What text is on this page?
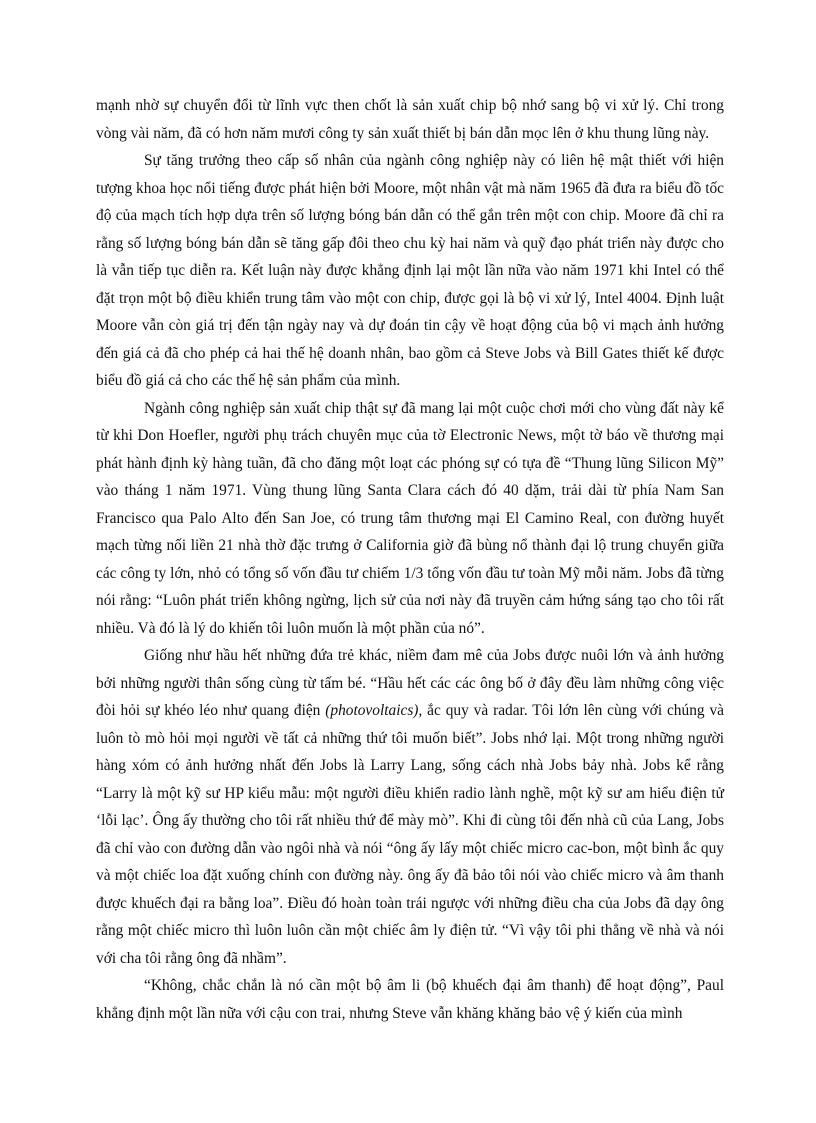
mạnh nhờ sự chuyển đổi từ lĩnh vực then chốt là sản xuất chip bộ nhớ sang bộ vi xử lý. Chỉ trong vòng vài năm, đã có hơn năm mươi công ty sản xuất thiết bị bán dẫn mọc lên ở khu thung lũng này.

Sự tăng trưởng theo cấp số nhân của ngành công nghiệp này có liên hệ mật thiết với hiện tượng khoa học nổi tiếng được phát hiện bởi Moore, một nhân vật mà năm 1965 đã đưa ra biểu đồ tốc độ của mạch tích hợp dựa trên số lượng bóng bán dẫn có thể gắn trên một con chip. Moore đã chỉ ra rằng số lượng bóng bán dẫn sẽ tăng gấp đôi theo chu kỳ hai năm và quỹ đạo phát triển này được cho là vẫn tiếp tục diễn ra. Kết luận này được khẳng định lại một lần nữa vào năm 1971 khi Intel có thể đặt trọn một bộ điều khiển trung tâm vào một con chip, được gọi là bộ vi xử lý, Intel 4004. Định luật Moore vẫn còn giá trị đến tận ngày nay và dự đoán tin cậy về hoạt động của bộ vi mạch ảnh hưởng đến giá cả đã cho phép cả hai thế hệ doanh nhân, bao gồm cả Steve Jobs và Bill Gates thiết kế được biểu đồ giá cả cho các thế hệ sản phẩm của mình.

Ngành công nghiệp sản xuất chip thật sự đã mang lại một cuộc chơi mới cho vùng đất này kể từ khi Don Hoefler, người phụ trách chuyên mục của tờ Electronic News, một tờ báo về thương mại phát hành định kỳ hàng tuần, đã cho đăng một loạt các phóng sự có tựa đề “Thung lũng Silicon Mỹ” vào tháng 1 năm 1971. Vùng thung lũng Santa Clara cách đó 40 dặm, trải dài từ phía Nam San Francisco qua Palo Alto đến San Joe, có trung tâm thương mại El Camino Real, con đường huyết mạch từng nối liền 21 nhà thờ đặc trưng ở California giờ đã bùng nổ thành đại lộ trung chuyển giữa các công ty lớn, nhỏ có tổng số vốn đầu tư chiếm 1/3 tổng vốn đầu tư toàn Mỹ mỗi năm. Jobs đã từng nói rằng: “Luôn phát triển không ngừng, lịch sử của nơi này đã truyền cảm hứng sáng tạo cho tôi rất nhiều. Và đó là lý do khiến tôi luôn muốn là một phần của nó”.

Giống như hầu hết những đứa trẻ khác, niềm đam mê của Jobs được nuôi lớn và ảnh hưởng bởi những người thân sống cùng từ tấm bé. “Hầu hết các các ông bố ở đây đều làm những công việc đòi hỏi sự khéo léo như quang điện (photovoltaics), ắc quy và radar. Tôi lớn lên cùng với chúng và luôn tò mò hỏi mọi người về tất cả những thứ tôi muốn biết”. Jobs nhớ lại. Một trong những người hàng xóm có ảnh hưởng nhất đến Jobs là Larry Lang, sống cách nhà Jobs bảy nhà. Jobs kể rằng “Larry là một kỹ sư HP kiểu mẫu: một người điều khiển radio lành nghề, một kỹ sư am hiểu điện tử ‘lỗi lạc’. Ông ấy thường cho tôi rất nhiều thứ để mày mò”. Khi đi cùng tôi đến nhà cũ của Lang, Jobs đã chỉ vào con đường dẫn vào ngôi nhà và nói “ông ấy lấy một chiếc micro cac-bon, một bình ắc quy và một chiếc loa đặt xuống chính con đường này. ông ấy đã bảo tôi nói vào chiếc micro và âm thanh được khuếch đại ra bằng loa”. Điều đó hoàn toàn trái ngược với những điều cha của Jobs đã dạy ông rằng một chiếc micro thì luôn luôn cần một chiếc âm ly điện tử. “Vì vậy tôi phi thẳng về nhà và nói với cha tôi rằng ông đã nhầm”.

“Không, chắc chắn là nó cần một bộ âm li (bộ khuếch đại âm thanh) để hoạt động”, Paul khẳng định một lần nữa với cậu con trai, nhưng Steve vẫn khăng khăng bảo vệ ý kiến của mình
